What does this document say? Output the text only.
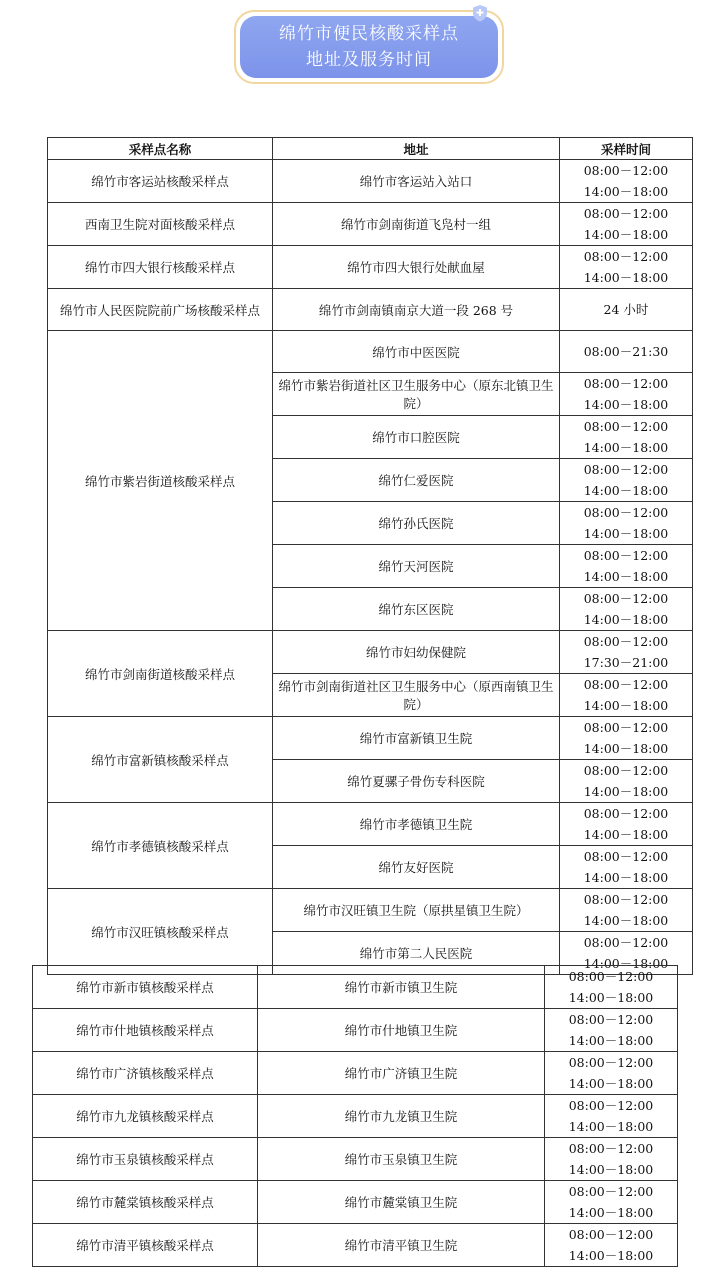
绵竹市便民核酸采样点
地址及服务时间
采样点名称	地址	采样时间
绵竹市客运站核酸采样点	绵竹市客运站入站口	08:00－12:00
14:00－18:00

西南卫生院对面核酸采样点	绵竹市剑南街道飞凫村一组	08:00－12:00
14:00－18:00

绵竹市四大银行核酸采样点	绵竹市四大银行处献血屋	08:00－12:00
14:00－18:00

绵竹市人民医院院前广场核酸采样点	绵竹市剑南镇南京大道一段 268 号	24 小时

绵竹市紫岩街道核酸采样点	绵竹市中医医院	08:00－21:30

	绵竹市紫岩街道社区卫生服务中心（原东北镇卫生院）	08:00－12:00
14:00－18:00

	绵竹市口腔医院	08:00－12:00
14:00－18:00

	绵竹仁爱医院	08:00－12:00
14:00－18:00

	绵竹孙氏医院	08:00－12:00
14:00－18:00

	绵竹天河医院	08:00－12:00
14:00－18:00

	绵竹东区医院	08:00－12:00
14:00－18:00

绵竹市剑南街道核酸采样点	绵竹市妇幼保健院	08:00－12:00
17:30－21:00

	绵竹市剑南街道社区卫生服务中心（原西南镇卫生院）	08:00－12:00
14:00－18:00

绵竹市富新镇核酸采样点	绵竹市富新镇卫生院	08:00－12:00
14:00－18:00

	绵竹夏骡子骨伤专科医院	08:00－12:00
14:00－18:00

绵竹市孝德镇核酸采样点	绵竹市孝德镇卫生院	08:00－12:00
14:00－18:00

	绵竹友好医院	08:00－12:00
14:00－18:00

绵竹市汉旺镇核酸采样点	绵竹市汉旺镇卫生院（原拱星镇卫生院）	08:00－12:00
14:00－18:00

	绵竹市第二人民医院	08:00－12:00
14:00－18:00
绵竹市新市镇核酸采样点	绵竹市新市镇卫生院	08:00－12:00
14:00－18:00

绵竹市什地镇核酸采样点	绵竹市什地镇卫生院	08:00－12:00
14:00－18:00

绵竹市广济镇核酸采样点	绵竹市广济镇卫生院	08:00－12:00
14:00－18:00

绵竹市九龙镇核酸采样点	绵竹市九龙镇卫生院	08:00－12:00
14:00－18:00

绵竹市玉泉镇核酸采样点	绵竹市玉泉镇卫生院	08:00－12:00
14:00－18:00

绵竹市麓棠镇核酸采样点	绵竹市麓棠镇卫生院	08:00－12:00
14:00－18:00

绵竹市清平镇核酸采样点	绵竹市清平镇卫生院	08:00－12:00
14:00－18:00
